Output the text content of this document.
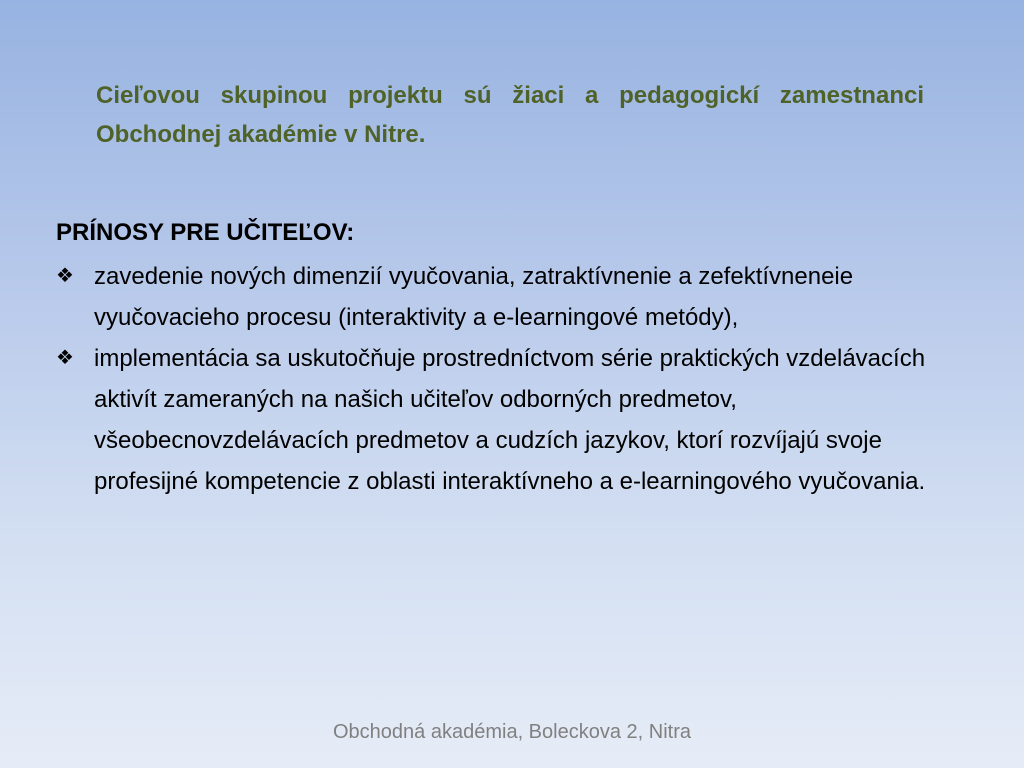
Cieľovou skupinou projektu sú žiaci a pedagogickí zamestnanci Obchodnej akadémie v Nitre.

PRÍNOSY PRE UČITEĽOV:
❖ zavedenie nových dimenzií vyučovania, zatraktívnenie a zefektívneneie vyučovacieho procesu (interaktivity a e-learningové metódy),
❖ implementácia sa uskutočňuje prostredníctvom série praktických vzdelávacích aktivít zameraných na našich učiteľov odborných predmetov, všeobecnovzdelávacích predmetov a cudzích jazykov, ktorí rozvíjajú svoje profesijné kompetencie z oblasti interaktívneho a e-learningového vyučovania.
Obchodná akadémia, Boleckova 2, Nitra
